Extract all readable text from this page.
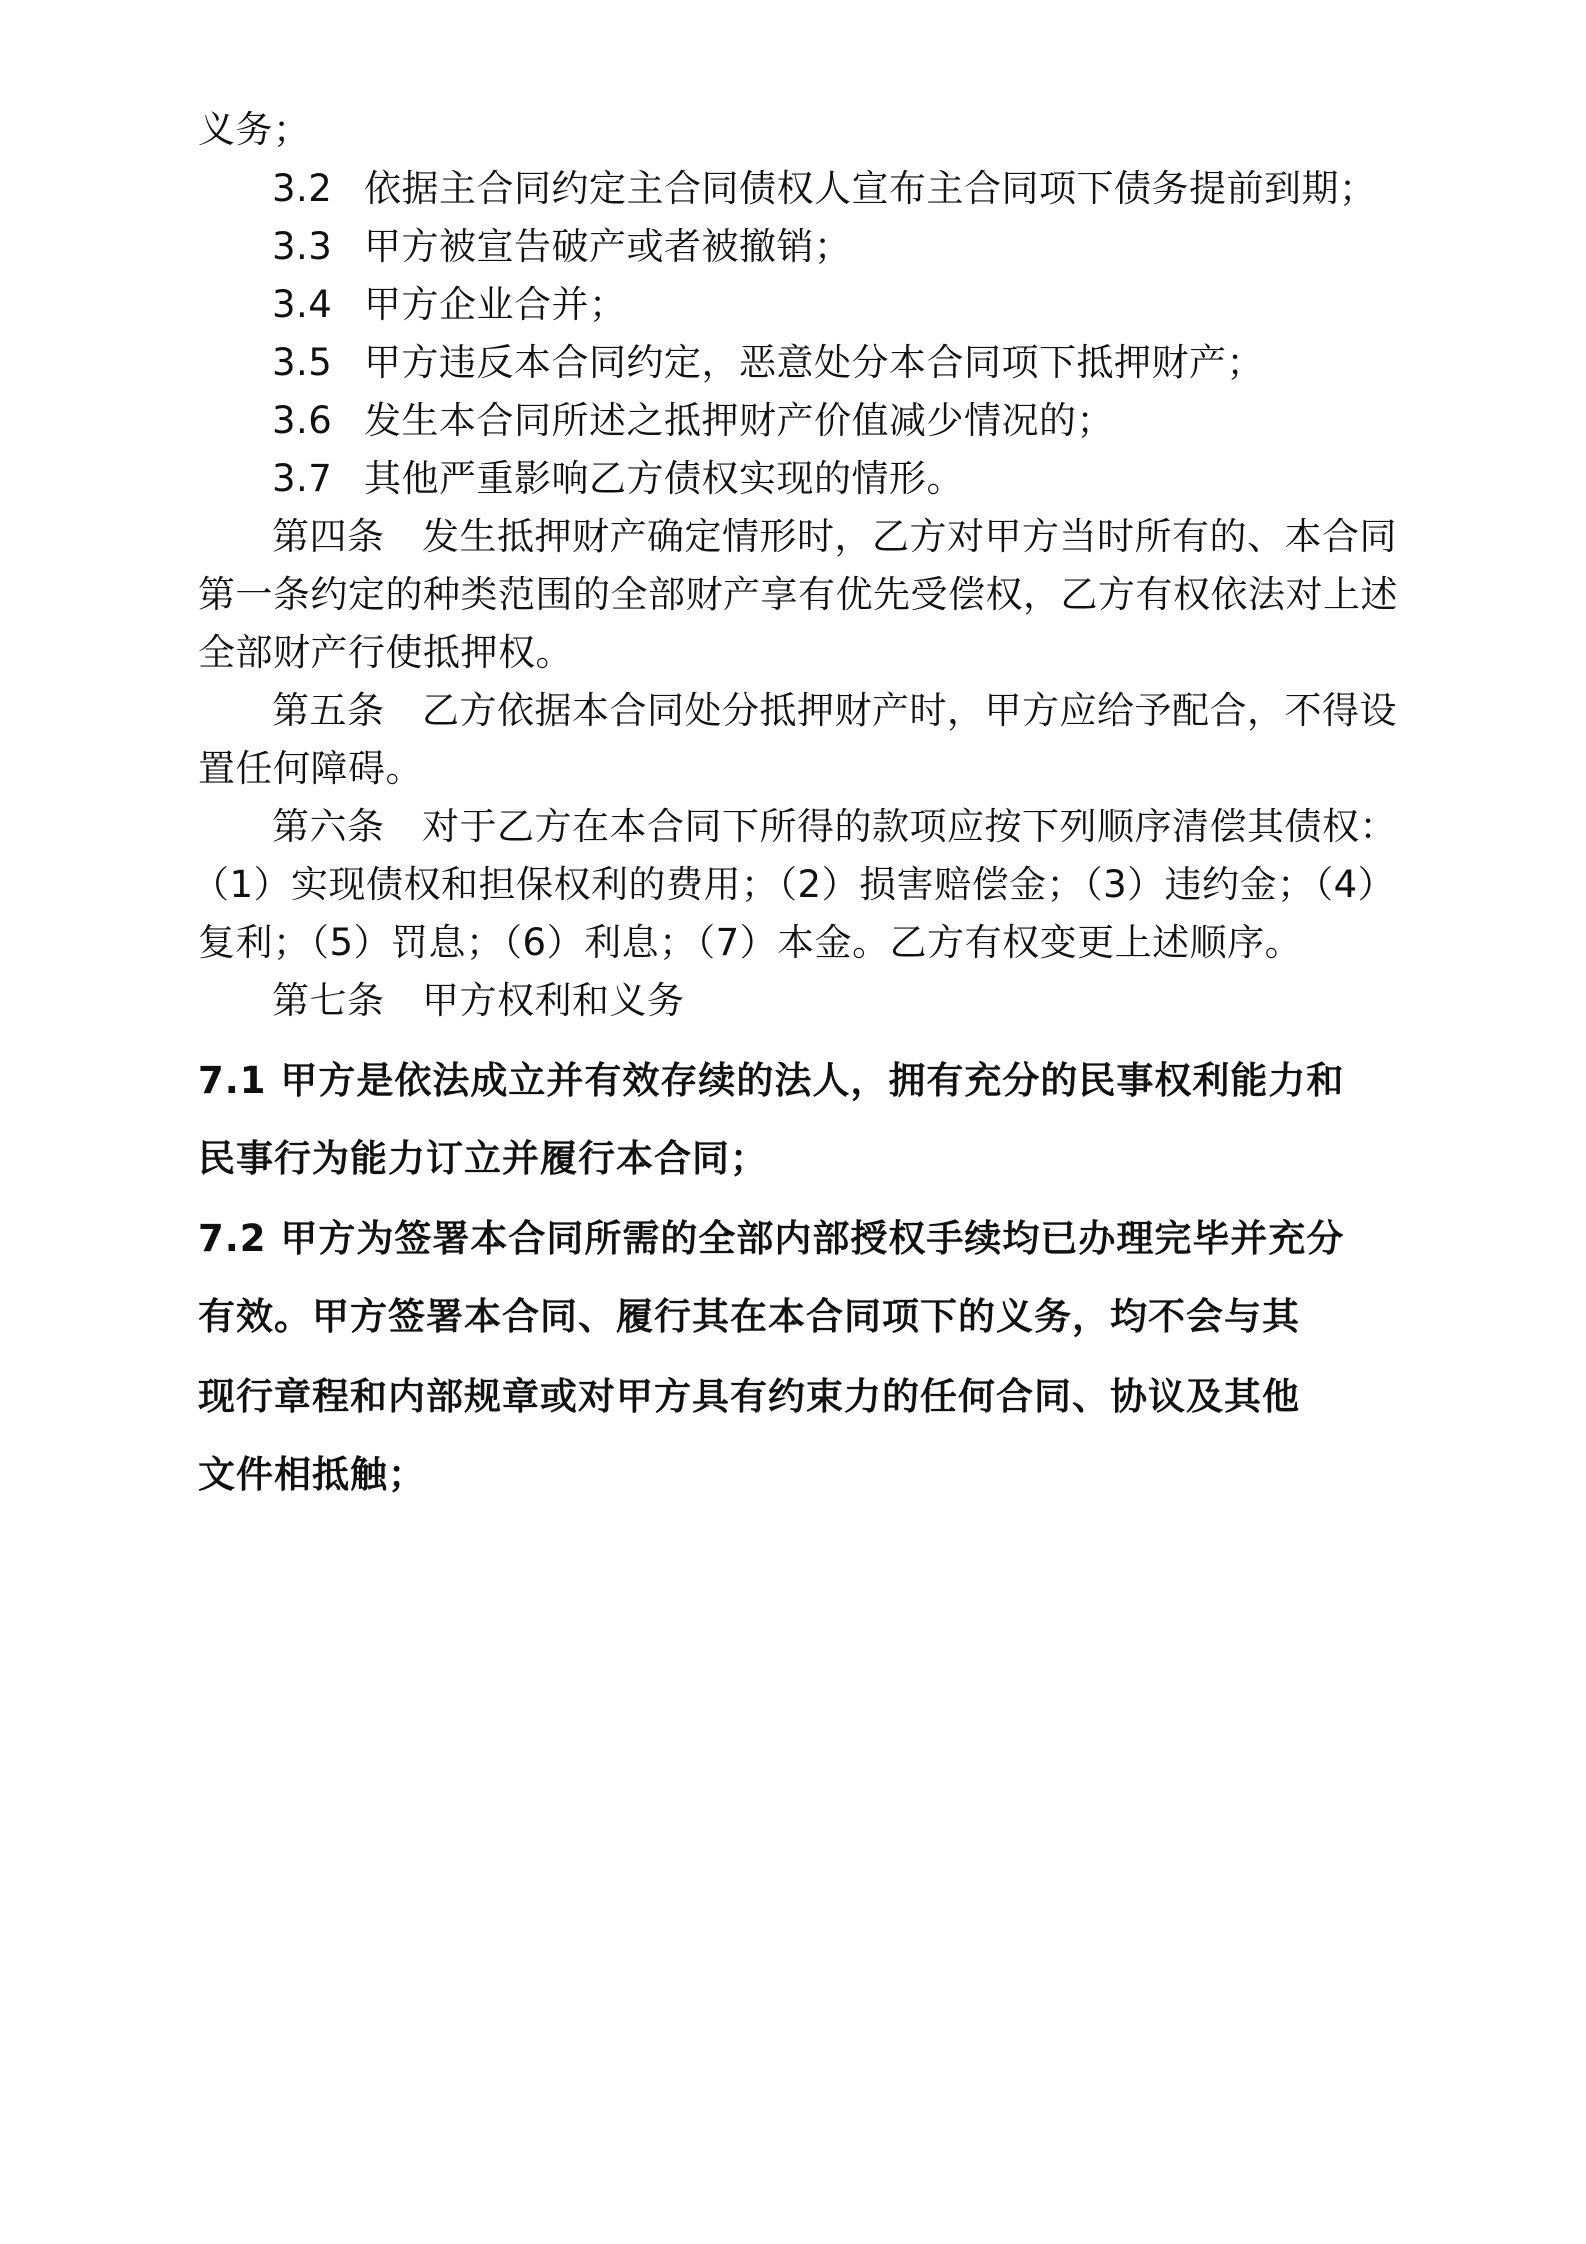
义务；
3.2 依据主合同约定主合同债权人宣布主合同项下债务提前到期；
3.3 甲方被宣告破产或者被撤销；
3.4 甲方企业合并；
3.5 甲方违反本合同约定，恶意处分本合同项下抵押财产；
3.6 发生本合同所述之抵押财产价值减少情况的；
3.7 其他严重影响乙方债权实现的情形。
第四条 发生抵押财产确定情形时，乙方对甲方当时所有的、本合同
第一条约定的种类范围的全部财产享有优先受偿权，乙方有权依法对上述
全部财产行使抵押权。
第五条 乙方依据本合同处分抵押财产时，甲方应给予配合，不得设
置任何障碍。
第六条 对于乙方在本合同下所得的款项应按下列顺序清偿其债权：
（1）实现债权和担保权利的费用；（2）损害赔偿金；（3）违约金；（4）
复利；（5）罚息；（6）利息；（7）本金。乙方有权变更上述顺序。
第七条 甲方权利和义务
7.1 甲方是依法成立并有效存续的法人，拥有充分的民事权利能力和
民事行为能力订立并履行本合同；
7.2 甲方为签署本合同所需的全部内部授权手续均已办理完毕并充分
有效。甲方签署本合同、履行其在本合同项下的义务，均不会与其
现行章程和内部规章或对甲方具有约束力的任何合同、协议及其他
文件相抵触；
